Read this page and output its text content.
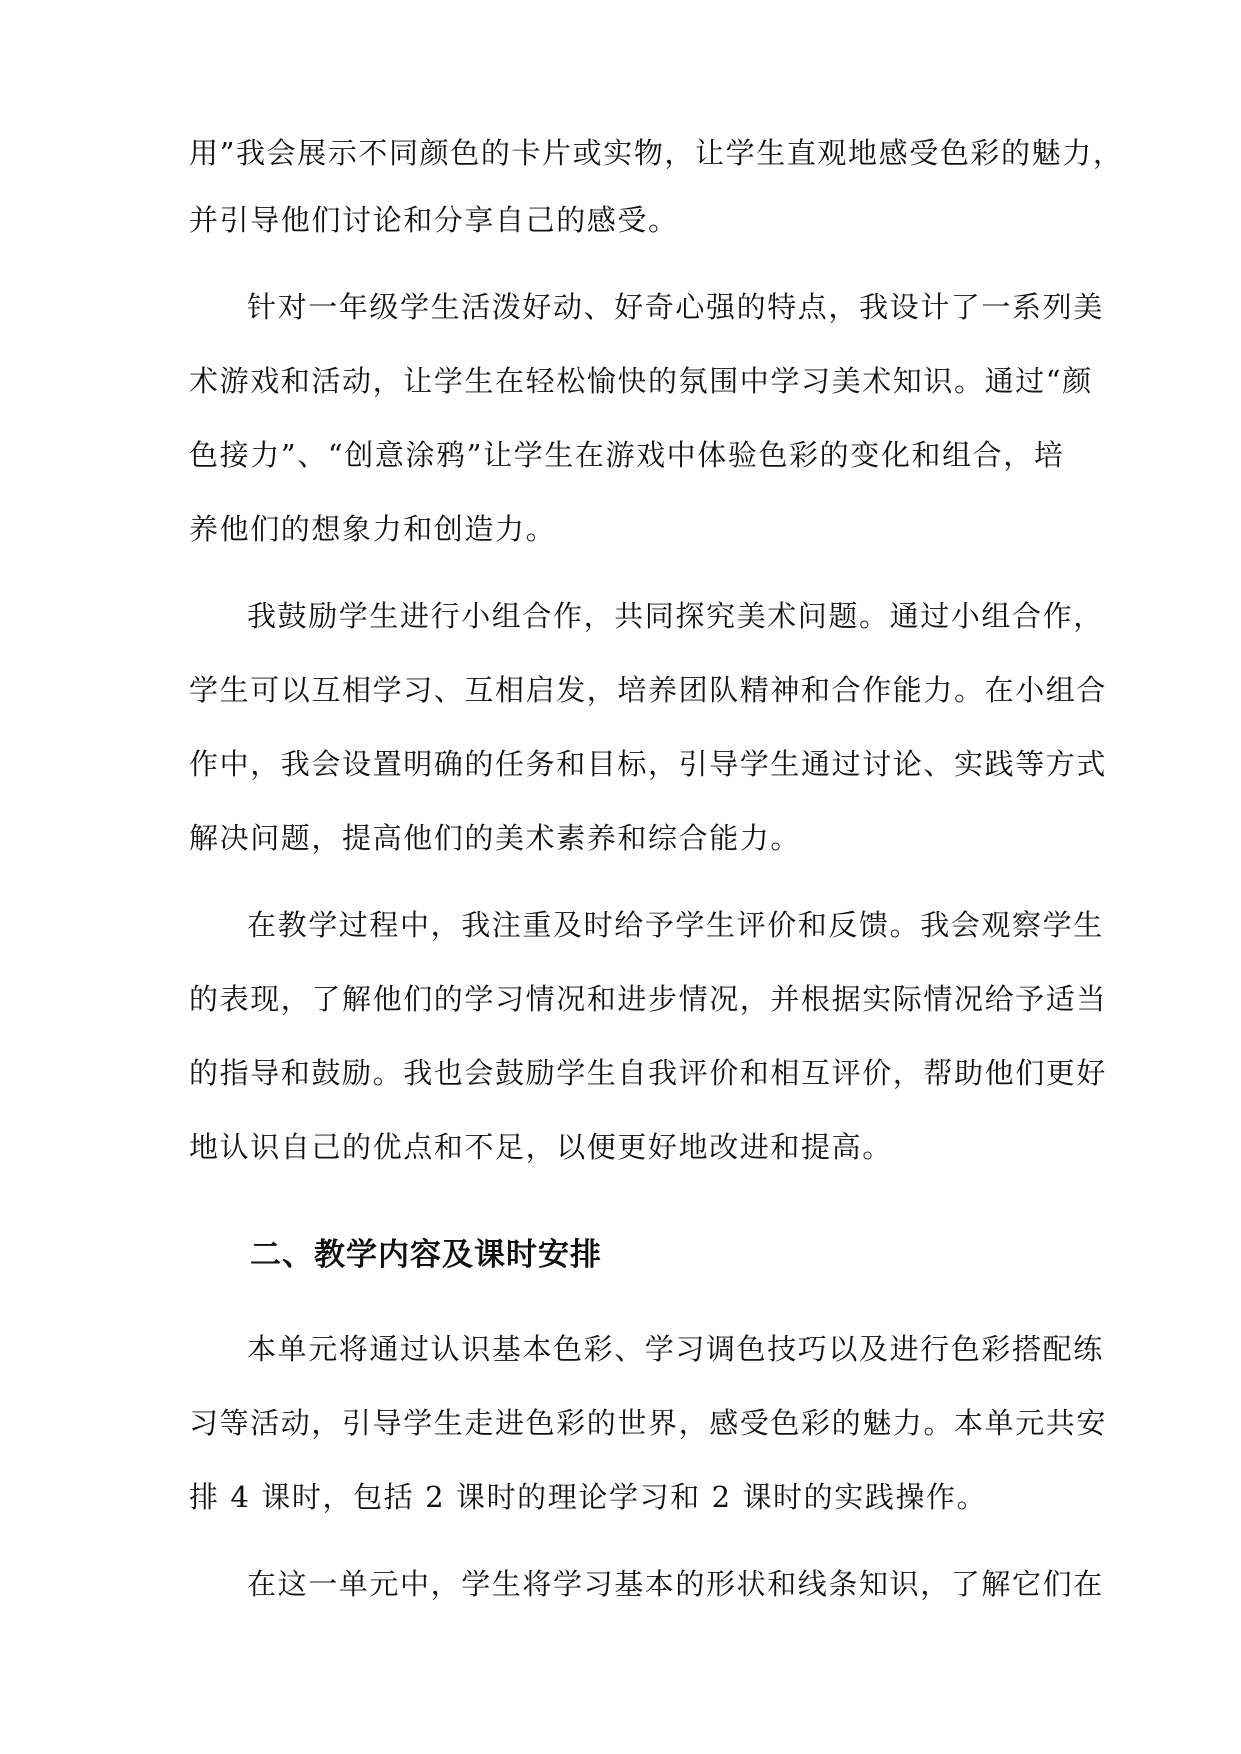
用”我会展示不同颜色的卡片或实物，让学生直观地感受色彩的魅力，
并引导他们讨论和分享自己的感受。
针对一年级学生活泼好动、好奇心强的特点，我设计了一系列美
术游戏和活动，让学生在轻松愉快的氛围中学习美术知识。通过“颜
色接力”、“创意涂鸦”让学生在游戏中体验色彩的变化和组合，培
养他们的想象力和创造力。
我鼓励学生进行小组合作，共同探究美术问题。通过小组合作，
学生可以互相学习、互相启发，培养团队精神和合作能力。在小组合
作中，我会设置明确的任务和目标，引导学生通过讨论、实践等方式
解决问题，提高他们的美术素养和综合能力。
在教学过程中，我注重及时给予学生评价和反馈。我会观察学生
的表现，了解他们的学习情况和进步情况，并根据实际情况给予适当
的指导和鼓励。我也会鼓励学生自我评价和相互评价，帮助他们更好
地认识自己的优点和不足，以便更好地改进和提高。
二、教学内容及课时安排
本单元将通过认识基本色彩、学习调色技巧以及进行色彩搭配练
习等活动，引导学生走进色彩的世界，感受色彩的魅力。本单元共安
排 4 课时，包括 2 课时的理论学习和 2 课时的实践操作。
在这一单元中，学生将学习基本的形状和线条知识，了解它们在
